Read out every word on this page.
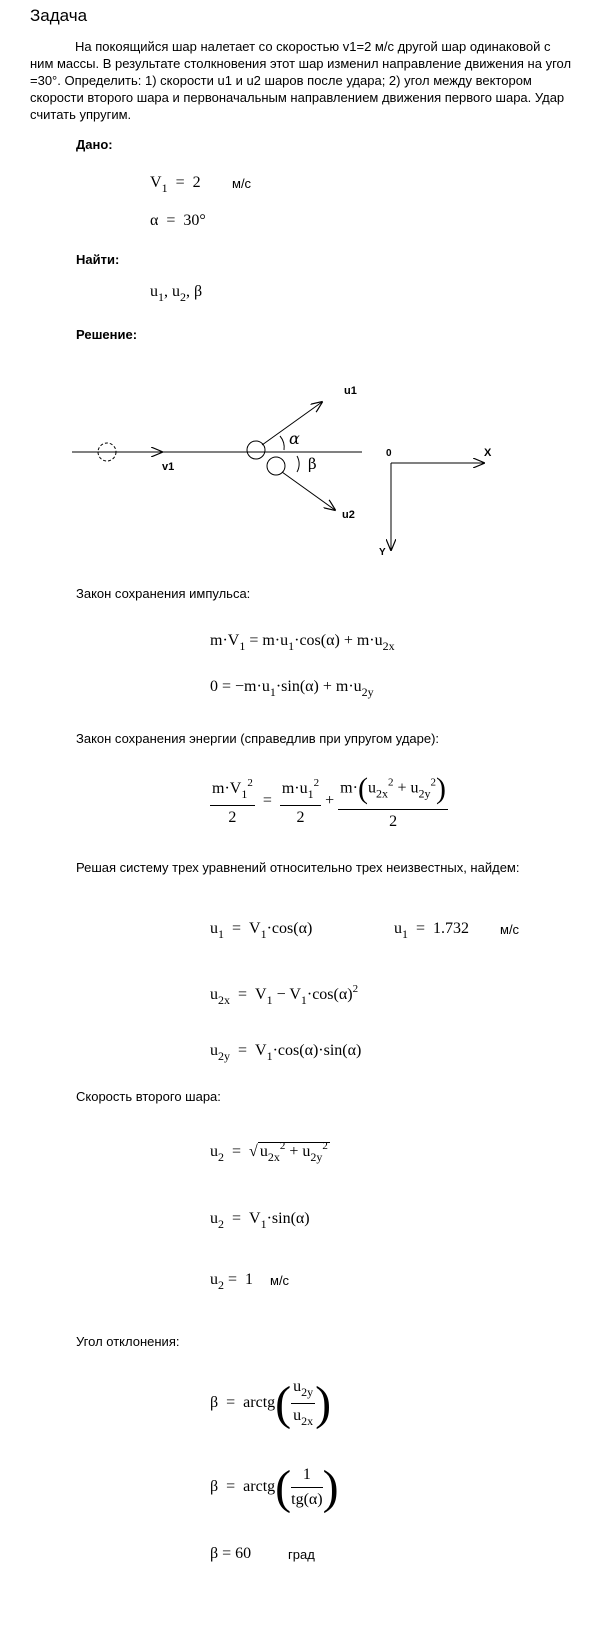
Задача
На покоящийся шар налетает со скоростью v1=2 м/с другой шар одинаковой с ним массы. В результате столкновения этот шар изменил направление движения на угол =30°. Определить: 1) скорости u1 и u2 шаров после удара; 2) угол между вектором скорости второго шара и первоначальным направлением движения первого шара. Удар считать упругим.
Дано:
$V_1 = 2$ м/с
α  =  30°
Найти:
$u_1$, $u_2$, β
Решение:
v1
u1
u2
α
β
0	X
Y
Закон сохранения импульса:
$m\cdot V_1 = m\cdot u_1\cdot\cos(\alpha) + m\cdot u_{2x}$
$0 = -m\cdot u_1\cdot\sin(\alpha) + m\cdot u_{2y}$
Закон сохранения энергии (справедлив при упругом ударе):
$\frac{m\cdot V_1^2}{2} = \frac{m\cdot u_1^2}{2} + \frac{m\cdot(u_{2x}^2 + u_{2y}^2)}{2}$
Решая систему трех уравнений относительно трех неизвестных, найдем:
$u_1 = V_1\cdot\cos(\alpha)$	$u_1 = 1.732$ м/с
$u_{2x} = V_1 - V_1\cdot\cos(\alpha)^2$
$u_{2y} = V_1\cdot\cos(\alpha)\cdot\sin(\alpha)$
Скорость второго шара:
$u_2$  =  √ $u_{2x}^2 + u_{2y}^2$
$u_2 = V_1\cdot\sin(\alpha)$
$u_2 = 1$ м/с
Угол отклонения:
β  =  arctg( $\frac{u_{2y}}{u_{2x}}$ )
β  =  arctg( $\frac{1}{tg(\alpha)}$ )
β = 60	град
